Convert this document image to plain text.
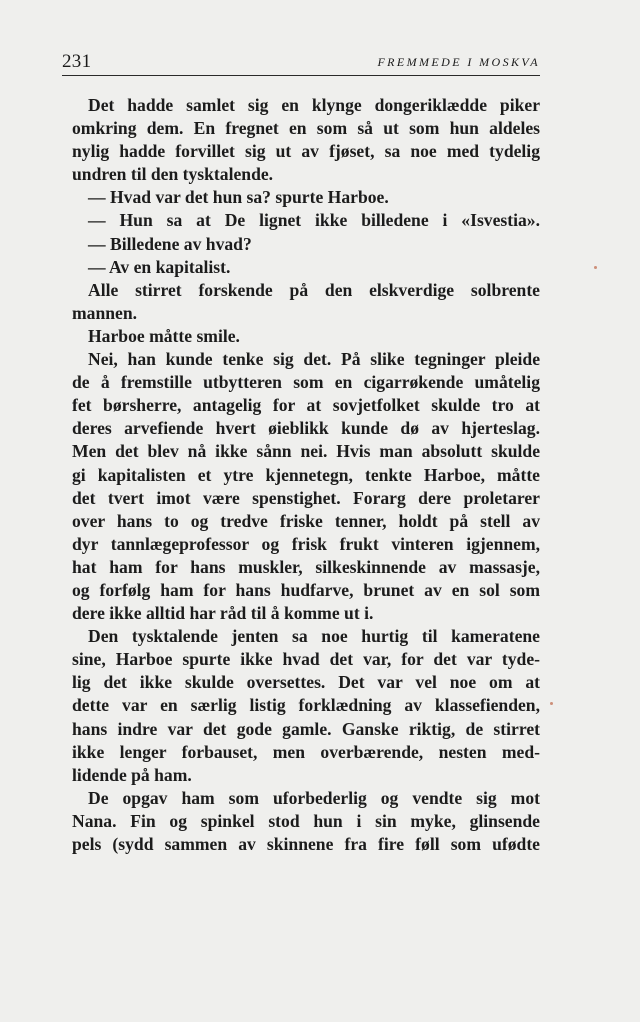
231	FREMMEDE I MOSKVA
Det hadde samlet sig en klynge dongeriklædde piker
omkring dem. En fregnet en som så ut som hun aldeles
nylig hadde forvillet sig ut av fjøset, sa noe med tydelig
undren til den tysktalende.
— Hvad var det hun sa? spurte Harboe.
— Hun sa at De lignet ikke billedene i «Isvestia».
— Billedene av hvad?
— Av en kapitalist.
Alle stirret forskende på den elskverdige solbrente
mannen.
Harboe måtte smile.
Nei, han kunde tenke sig det. På slike tegninger pleide
de å fremstille utbytteren som en cigarrøkende umåtelig
fet børsherre, antagelig for at sovjetfolket skulde tro at
deres arvefiende hvert øieblikk kunde dø av hjerteslag.
Men det blev nå ikke sånn nei. Hvis man absolutt skulde
gi kapitalisten et ytre kjennetegn, tenkte Harboe, måtte
det tvert imot være spenstighet. Forarg dere proletarer
over hans to og tredve friske tenner, holdt på stell av
dyr tannlægeprofessor og frisk frukt vinteren igjennem,
hat ham for hans muskler, silkeskinnende av massasje,
og forfølg ham for hans hudfarve, brunet av en sol som
dere ikke alltid har råd til å komme ut i.
Den tysktalende jenten sa noe hurtig til kameratene
sine, Harboe spurte ikke hvad det var, for det var tyde-
lig det ikke skulde oversettes. Det var vel noe om at
dette var en særlig listig forklædning av klassefienden,
hans indre var det gode gamle. Ganske riktig, de stirret
ikke lenger forbauset, men overbærende, nesten med-
lidende på ham.
De opgav ham som uforbederlig og vendte sig mot
Nana. Fin og spinkel stod hun i sin myke, glinsende
pels (sydd sammen av skinnene fra fire føll som ufødte
